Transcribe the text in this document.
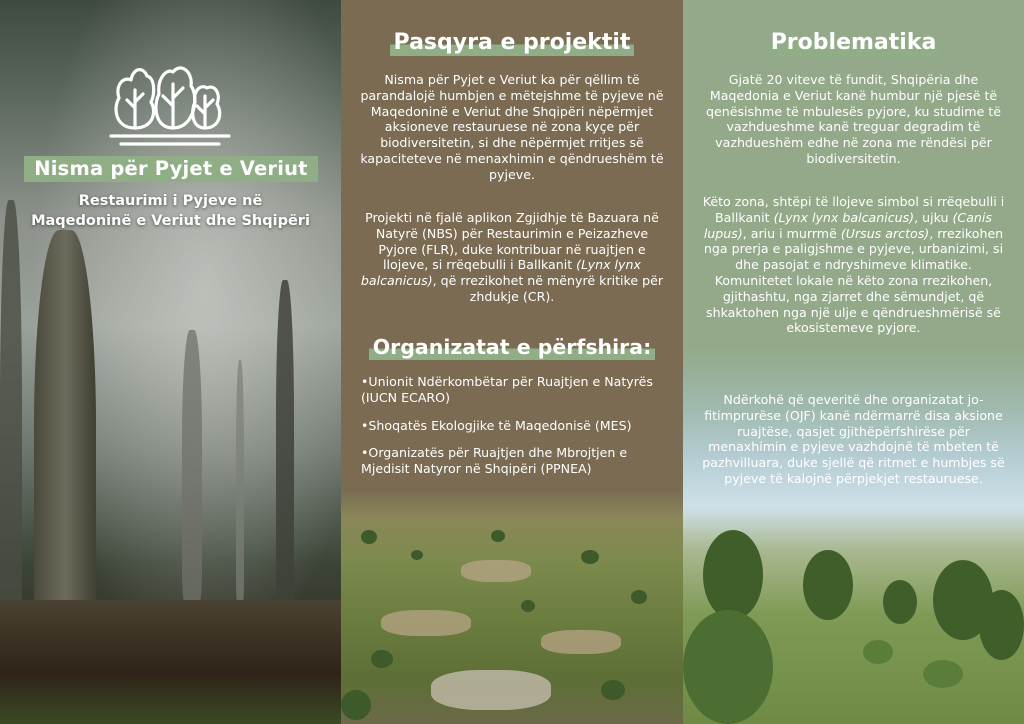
Nisma për Pyjet e Veriut
Restaurimi i Pyjeve në
Maqedoninë e Veriut dhe Shqipëri
Pasqyra e projektit
Nisma për Pyjet e Veriut ka për qëllim të parandalojë humbjen e mëtejshme të pyjeve në Maqedoninë e Veriut dhe Shqipëri nëpërmjet aksioneve restauruese në zona kyçe për biodiversitetin, si dhe nëpërmjet rritjes së kapaciteteve në menaxhimin e qëndrueshëm të pyjeve.
Projekti në fjalë aplikon Zgjidhje të Bazuara në Natyrë (NBS) për Restaurimin e Peizazheve Pyjore (FLR), duke kontribuar në ruajtjen e llojeve, si rrëqebulli i Ballkanit (Lynx lynx balcanicus), që rrezikohet në mënyrë kritike për zhdukje (CR).
Organizatat e përfshira:
•Unionit Ndërkombëtar për Ruajtjen e Natyrës (IUCN ECARO)
•Shoqatës Ekologjike të Maqedonisë (MES)
•Organizatës për Ruajtjen dhe Mbrojtjen e Mjedisit Natyror në Shqipëri (PPNEA)
Problematika
Gjatë 20 viteve të fundit, Shqipëria dhe Maqedonia e Veriut kanë humbur një pjesë të qenësishme të mbulesës pyjore, ku studime të vazhdueshme kanë treguar degradim të vazhdueshëm edhe në zona me rëndësi për biodiversitetin.
Këto zona, shtëpi të llojeve simbol si rrëqebulli i Ballkanit (Lynx lynx balcanicus), ujku (Canis lupus), ariu i murrmë (Ursus arctos), rrezikohen nga prerja e paligjshme e pyjeve, urbanizimi, si dhe pasojat e ndryshimeve klimatike. Komunitetet lokale në këto zona rrezikohen, gjithashtu, nga zjarret dhe sëmundjet, që shkaktohen nga një ulje e qëndrueshmërisë së ekosistemeve pyjore.
Ndërkohë që qeveritë dhe organizatat jo-fitimprurëse (OJF) kanë ndërmarrë disa aksione ruajtëse, qasjet gjithëpërfshirëse për menaxhimin e pyjeve vazhdojnë të mbeten të pazhvilluara, duke sjellë që ritmet e humbjes së pyjeve të kalojnë përpjekjet restauruese.
